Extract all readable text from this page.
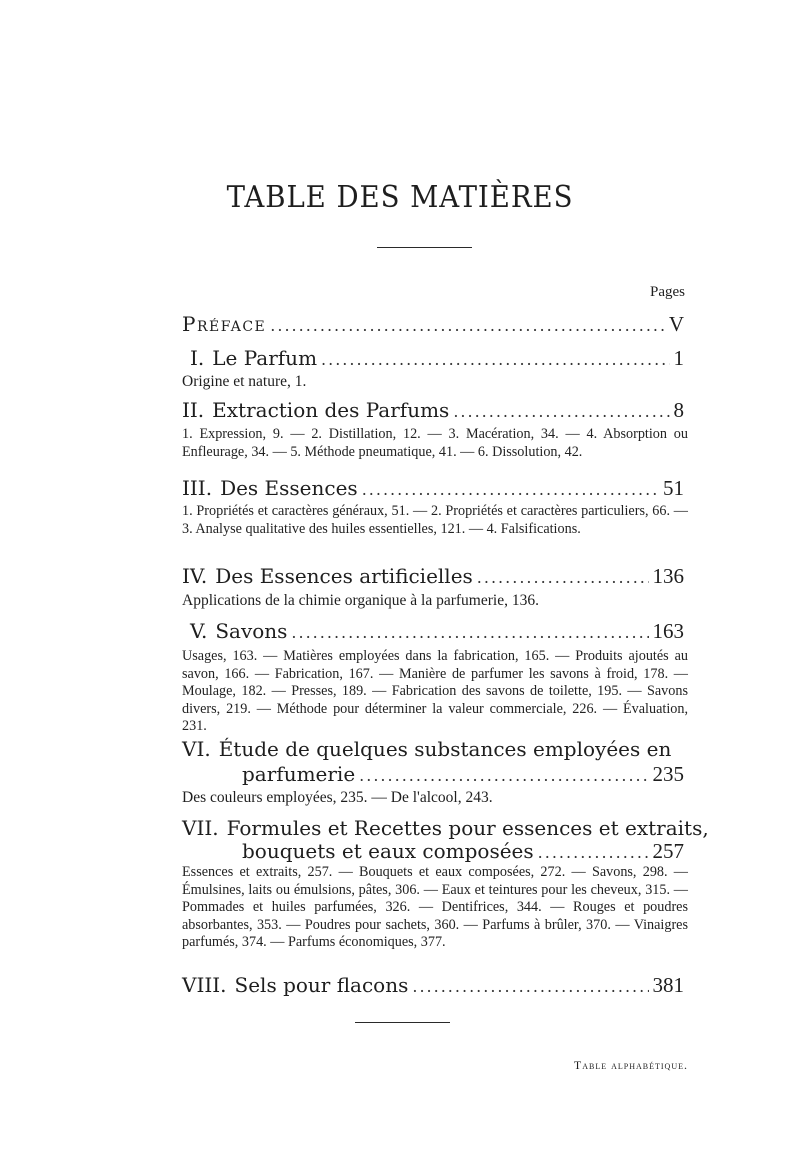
TABLE DES MATIÈRES
Pages
Préface .....	V
I. Le Parfum .....	1
Origine et nature, 1.
II. Extraction des Parfums .....	8
1. Expression, 9. — 2. Distillation, 12. — 3. Macération, 34. — 4. Absorption ou Enfleurage, 34. — 5. Méthode pneumatique, 41. — 6. Dissolution, 42.
III. Des Essences .....	51
1. Propriétés et caractères généraux, 51. — 2. Propriétés et caractères particuliers, 66. — 3. Analyse qualitative des huiles essentielles, 121. — 4. Falsifications.
IV. Des Essences artificielles .....	136
Applications de la chimie organique à la parfumerie, 136.
V. Savons .....	163
Usages, 163. — Matières employées dans la fabrication, 165. — Produits ajoutés au savon, 166. — Fabrication, 167. — Manière de parfumer les savons à froid, 178. — Moulage, 182. — Presses, 189. — Fabrication des savons de toilette, 195. — Savons divers, 219. — Méthode pour déterminer la valeur commerciale, 226. — Évaluation, 231.
VI. Étude de quelques substances employées en
parfumerie .....	235
Des couleurs employées, 235. — De l'alcool, 243.
VII. Formules et Recettes pour essences et extraits,
bouquets et eaux composées .....	257
Essences et extraits, 257. — Bouquets et eaux composées, 272. — Savons, 298. — Émulsines, laits ou émulsions, pâtes, 306. — Eaux et teintures pour les cheveux, 315. — Pommades et huiles parfumées, 326. — Dentifrices, 344. — Rouges et poudres absorbantes, 353. — Poudres pour sachets, 360. — Parfums à brûler, 370. — Vinaigres parfumés, 374. — Parfums économiques, 377.
VIII. Sels pour flacons .....	381
Table alphabétique.
